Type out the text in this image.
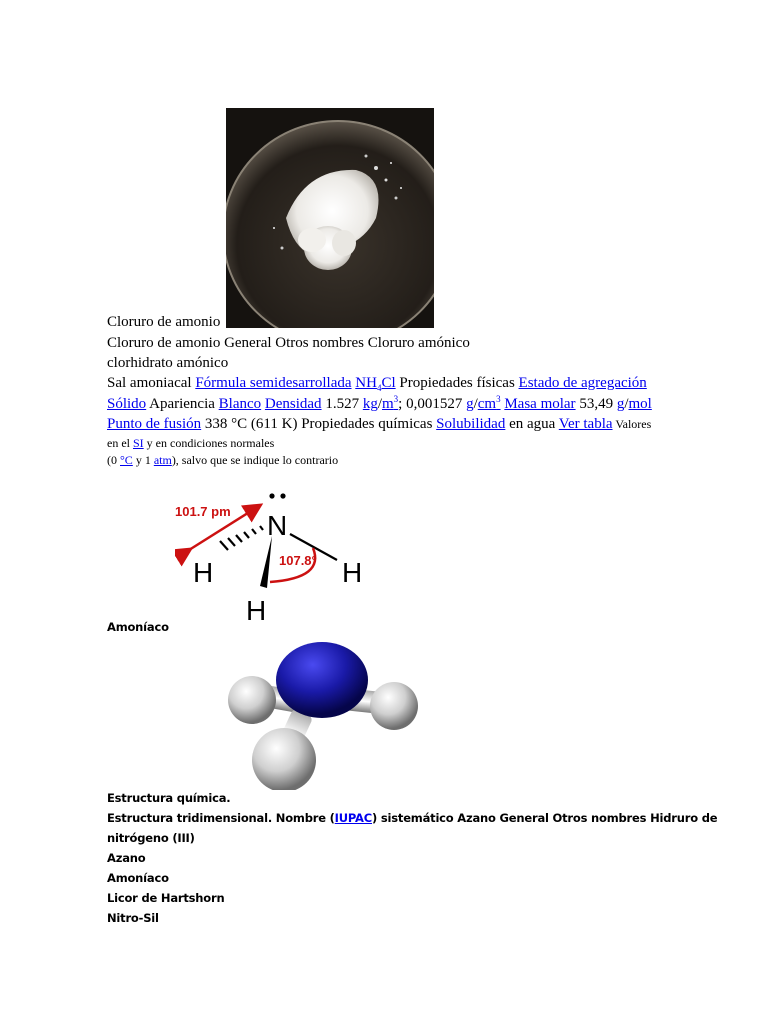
Cloruro de amonio
Cloruro de amonio General Otros nombres Cloruro amónico
clorhidrato amónico
Sal amoniacal Fórmula semidesarrollada $NH_4Cl$ Propiedades físicas Estado de agregación
Sólido Apariencia Blanco Densidad 1.527 kg/m$^3$; 0,001527 g/cm$^3$ Masa molar 53,49 g/mol
Punto de fusión 338 °C (611 K) Propiedades químicas Solubilidad en agua Ver tabla Valores
en el SI y en condiciones normales
(0 °C y 1 atm), salvo que se indique lo contrario
N
H	H
H
101.7 pm
107.8°
Amoníaco
Estructura química.
Estructura tridimensional. Nombre (IUPAC) sistemático Azano General Otros nombres Hidruro de
nitrógeno (III)
Azano
Amoníaco
Licor de Hartshorn
Nitro-Sil
